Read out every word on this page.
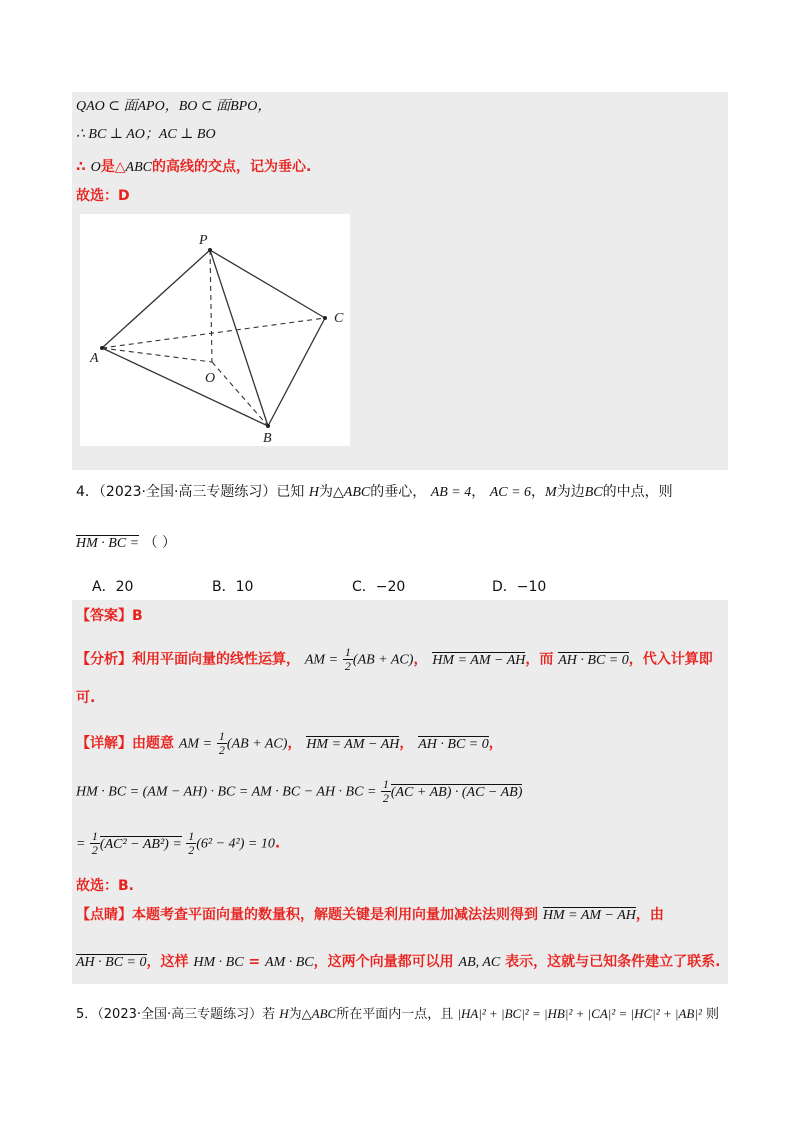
QAO ⊂ 面APO，BO ⊂ 面BPO，
∴ BC ⊥ AO；AC ⊥ BO
∴ O是△ABC的高线的交点，记为垂心.
故选：D
P
A
C
O
B
4．（2023·全国·高三专题练习）已知 H为△ABC的垂心， AB = 4， AC = 6，M为边BC的中点，则
HM · BC = （ ）
A．20	B．10	C．−20	D．−10
【答案】B
【分析】利用平面向量的线性运算， AM = $\frac{1}{2} (AB + AC)$， HM = AM − AH，而 AH · BC = 0，代入计算即
可.
【详解】由题意 AM = $\frac{1}{2} (AB + AC)$， HM = AM − AH， AH · BC = 0，
HM · BC = (AM − AH) · BC = AM · BC − AH · BC = $\frac{1}{2} (AC + AB) \cdot (AC - AB)$
= $\frac{1}{2} (AC^2 - AB^2) = \frac{1}{2} (6^2 - 4^2) = 10$.
故选：B.
【点睛】本题考查平面向量的数量积，解题关键是利用向量加减法法则得到 HM = AM − AH，由
AH · BC = 0，这样 HM · BC = AM · BC，这两个向量都可以用 AB, AC 表示，这就与已知条件建立了联系.
5．（2023·全国·高三专题练习）若 H为△ABC所在平面内一点，且 |HA|² + |BC|² = |HB|² + |CA|² = |HC|² + |AB|² 则
